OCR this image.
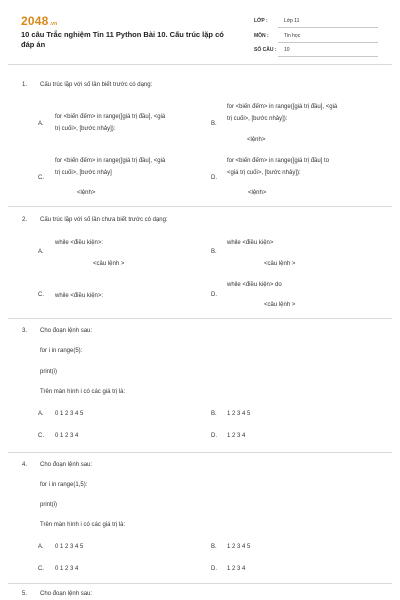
2048.vn
10 câu Trắc nghiệm Tin 11 Python Bài 10. Cấu trúc lặp có đáp án
LỚP :	Lớp 11
MÔN :	Tin học
SỐ CÂU : 10
1. Cấu trúc lặp với số lần biết trước có dạng:
A.
for <biến đếm> in range([giá trị đầu], <giá
trị cuối>, [bước nhảy]):
B.
for <biến đếm> in range([giá trị đầu], <giá
trị cuối>, [bước nhảy]):
<lệnh>
C.
for <biến đếm> in range([giá trị đầu], <giá
trị cuối>, [bước nhảy]
<lệnh>
D.
for <biến đếm> in range([giá trị đầu] to
<giá trị cuối>, [bước nhảy]):
<lệnh>
2. Cấu trúc lặp với số lần chưa biết trước có dạng:
A.
while <điều kiện>:
<câu lệnh >
B.
while <điều kiện>
<câu lệnh >
C. while <điều kiện>:	D.
while <điều kiện> do
<câu lệnh >
3. Cho đoạn lệnh sau:
for i in range(5):
print(i)
Trên màn hình i có các giá trị là:
A. 0 1 2 3 4 5	B. 1 2 3 4 5
C. 0 1 2 3 4	D. 1 2 3 4
4. Cho đoạn lệnh sau:
for i in range(1,5):
print(i)
Trên màn hình i có các giá trị là:
A. 0 1 2 3 4 5	B. 1 2 3 4 5
C. 0 1 2 3 4	D. 1 2 3 4
5. Cho đoạn lệnh sau:
